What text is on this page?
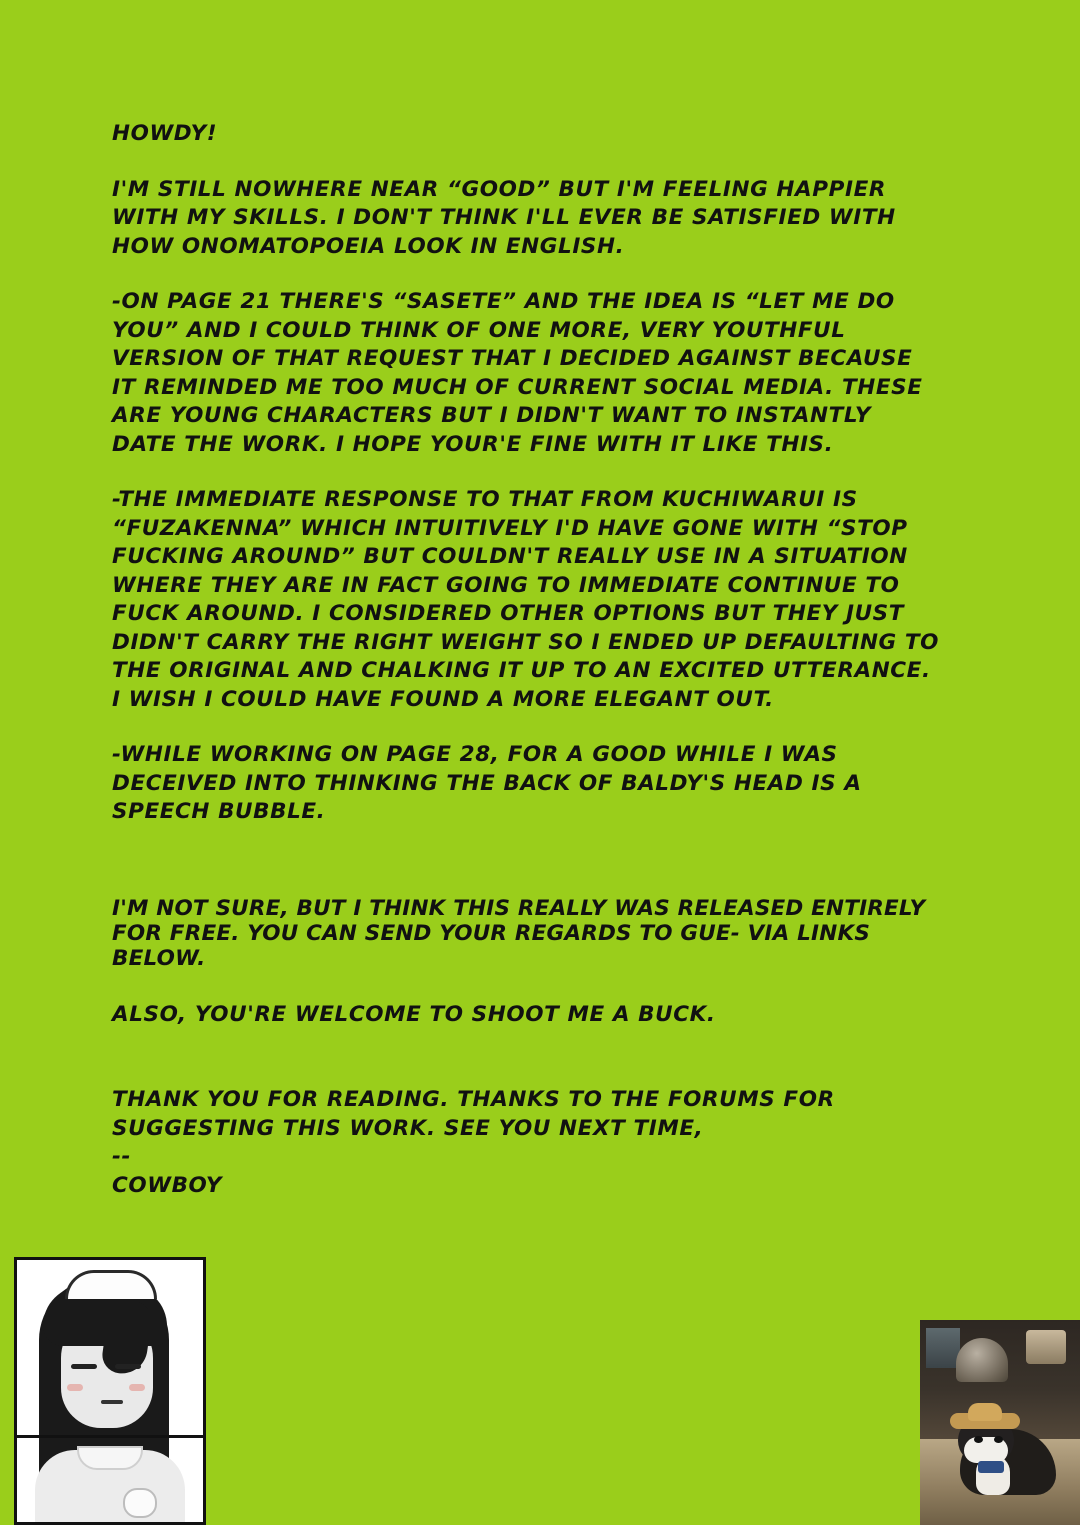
HOWDY!

I'M STILL NOWHERE NEAR “GOOD” BUT I'M FEELING HAPPIER WITH MY SKILLS. I DON'T THINK I'LL EVER BE SATISFIED WITH HOW ONOMATOPOEIA LOOK IN ENGLISH.

-ON PAGE 21 THERE'S “SASETE” AND THE IDEA IS “LET ME DO YOU” AND I COULD THINK OF ONE MORE, VERY YOUTHFUL VERSION OF THAT REQUEST THAT I DECIDED AGAINST BECAUSE IT REMINDED ME TOO MUCH OF CURRENT SOCIAL MEDIA. THESE ARE YOUNG CHARACTERS BUT I DIDN'T WANT TO INSTANTLY DATE THE WORK. I HOPE YOUR'E FINE WITH IT LIKE THIS.

-THE IMMEDIATE RESPONSE TO THAT FROM KUCHIWARUI IS “FUZAKENNA” WHICH INTUITIVELY I'D HAVE GONE WITH “STOP FUCKING AROUND” BUT COULDN'T REALLY USE IN A SITUATION WHERE THEY ARE IN FACT GOING TO IMMEDIATE CONTINUE TO FUCK AROUND. I CONSIDERED OTHER OPTIONS BUT THEY JUST DIDN'T CARRY THE RIGHT WEIGHT SO I ENDED UP DEFAULTING TO THE ORIGINAL AND CHALKING IT UP TO AN EXCITED UTTERANCE. I WISH I COULD HAVE FOUND A MORE ELEGANT OUT.

-WHILE WORKING ON PAGE 28, FOR A GOOD WHILE I WAS DECEIVED INTO THINKING THE BACK OF BALDY'S HEAD IS A SPEECH BUBBLE.

I'M NOT SURE, BUT I THINK THIS REALLY WAS RELEASED ENTIRELY FOR FREE. YOU CAN SEND YOUR REGARDS TO GUE- VIA LINKS BELOW.

ALSO, YOU'RE WELCOME TO SHOOT ME A BUCK.

THANK YOU FOR READING. THANKS TO THE FORUMS FOR SUGGESTING THIS WORK. SEE YOU NEXT TIME,

--

COWBOY
